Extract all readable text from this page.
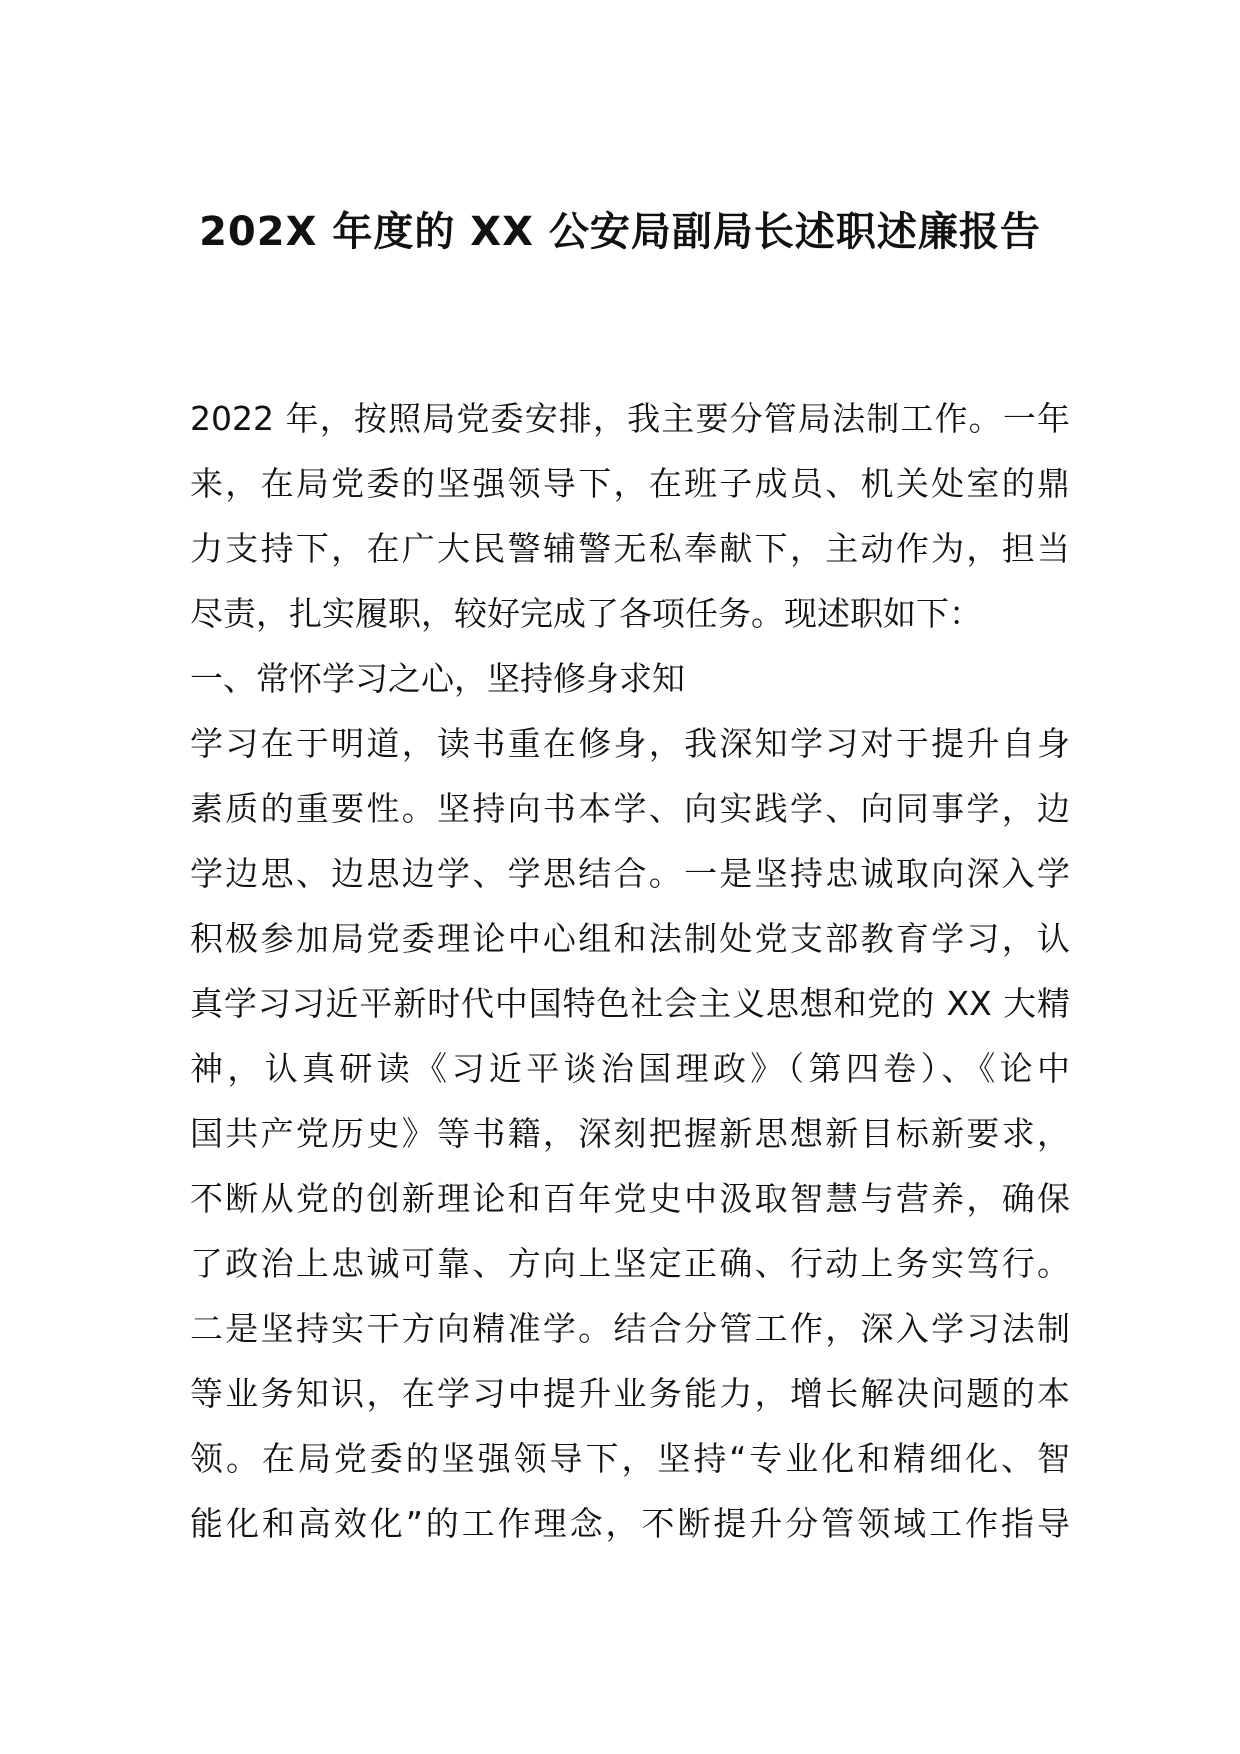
202X 年度的 XX 公安局副局长述职述廉报告
2022 年，按照局党委安排，我主要分管局法制工作。一年
来，在局党委的坚强领导下，在班子成员、机关处室的鼎
力支持下，在广大民警辅警无私奉献下，主动作为，担当
尽责，扎实履职，较好完成了各项任务。现述职如下：
一、常怀学习之心，坚持修身求知
学习在于明道，读书重在修身，我深知学习对于提升自身
素质的重要性。坚持向书本学、向实践学、向同事学，边
学边思、边思边学、学思结合。一是坚持忠诚取向深入学
积极参加局党委理论中心组和法制处党支部教育学习，认
真学习习近平新时代中国特色社会主义思想和党的 XX 大精
神，认真研读《习近平谈治国理政》（第四卷）、《论中
国共产党历史》等书籍，深刻把握新思想新目标新要求，
不断从党的创新理论和百年党史中汲取智慧与营养，确保
了政治上忠诚可靠、方向上坚定正确、行动上务实笃行。
二是坚持实干方向精准学。结合分管工作，深入学习法制
等业务知识，在学习中提升业务能力，增长解决问题的本
领。在局党委的坚强领导下，坚持“专业化和精细化、智
能化和高效化”的工作理念，不断提升分管领域工作指导
